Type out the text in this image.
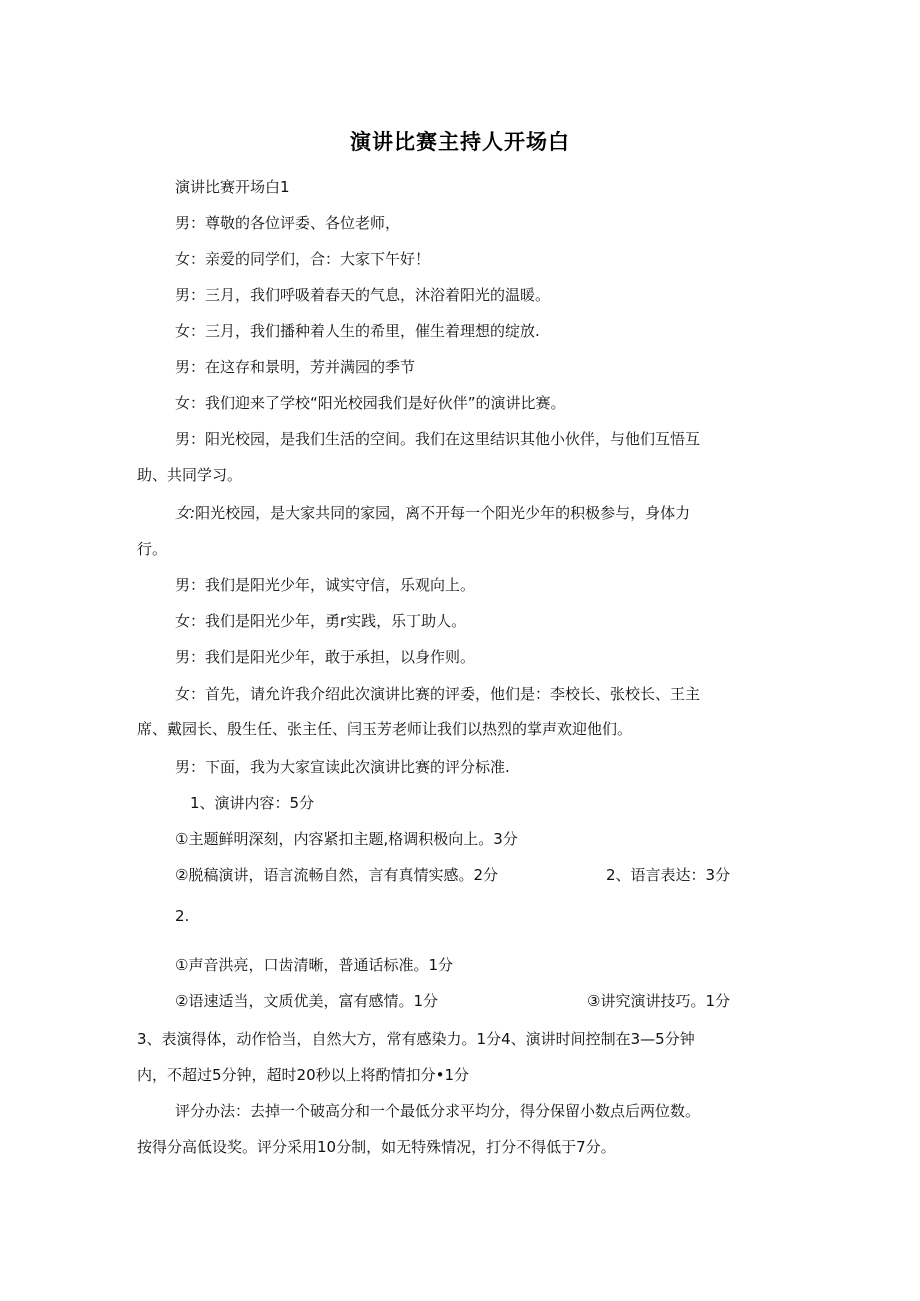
演讲比赛主持人开场白
演讲比赛开场白1
男：尊敬的各位评委、各位老师，
女：亲爱的同学们，合：大家下午好！
男：三月，我们呼吸着春天的气息，沐浴着阳光的温暖。
女：三月，我们播种着人生的希里，催生着理想的绽放.
男：在这存和景明，芳并满园的季节
女：我们迎来了学校“阳光校园我们是好伙伴”的演讲比赛。
男：阳光校园，是我们生活的空间。我们在这里结识其他小伙伴，与他们互悟互
助、共同学习。
女:阳光校园，是大家共同的家园，离不开每一个阳光少年的积极参与，身体力
行。
男：我们是阳光少年，诚实守信，乐观向上。
女：我们是阳光少年，勇r实践，乐丁助人。
男：我们是阳光少年，敢于承担，以身作则。
女：首先，请允许我介绍此次演讲比赛的评委，他们是：李校长、张校长、王主
席、戴园长、殷生任、张主任、闫玉芳老师让我们以热烈的掌声欢迎他们。
男：下面，我为大家宣读此次演讲比赛的评分标准.
1、演讲内容：5分
①主题鲜明深刻，内容紧扣主题,格调积极向上。3分
②脱稿演讲，语言流畅自然，言有真情实感。2分	2、语言表达：3分
2.
①声音洪亮，口齿清晰，普通话标准。1分
②语速适当，文质优美，富有感情。1分	③讲究演讲技巧。1分
3、表演得体，动作恰当，自然大方，常有感染力。1分4、演讲时间控制在3—5分钟
内，不超过5分钟，超时20秒以上将酌情扣分•1分
评分办法：去掉一个破高分和一个最低分求平均分，得分保留小数点后两位数。
按得分高低设奖。评分采用10分制，如无特殊情况，打分不得低于7分。
